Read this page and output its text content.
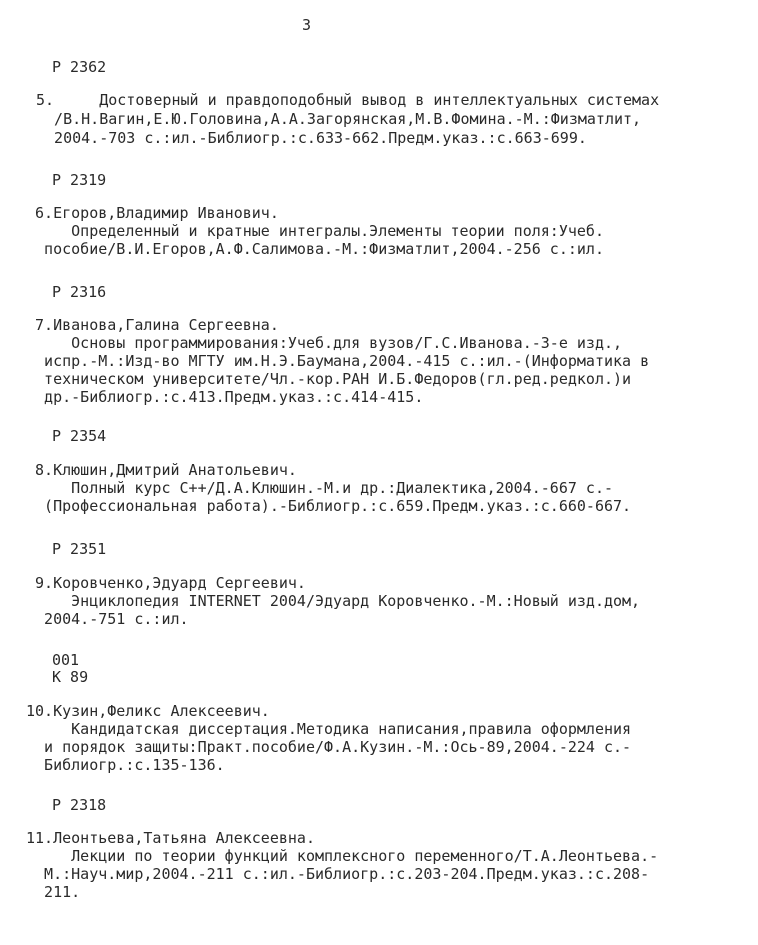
3
Р 2362
5.     Достоверный и правдоподобный вывод в интеллектуальных системах
/В.Н.Вагин,Е.Ю.Головина,А.А.Загорянская,М.В.Фомина.-М.:Физматлит,
2004.-703 с.:ил.-Библиогр.:с.633-662.Предм.указ.:с.663-699.
Р 2319
6.Егоров,Владимир Иванович.
Определенный и кратные интегралы.Элементы теории поля:Учеб.
пособие/В.И.Егоров,А.Ф.Салимова.-М.:Физматлит,2004.-256 с.:ил.
Р 2316
7.Иванова,Галина Сергеевна.
Основы программирования:Учеб.для вузов/Г.С.Иванова.-3-е изд.,
испр.-М.:Изд-во МГТУ им.Н.Э.Баумана,2004.-415 с.:ил.-(Информатика в
техническом университете/Чл.-кор.РАН И.Б.Федоров(гл.ред.редкол.)и
др.-Библиогр.:с.413.Предм.указ.:с.414-415.
Р 2354
8.Клюшин,Дмитрий Анатольевич.
Полный курс С++/Д.А.Клюшин.-М.и др.:Диалектика,2004.-667 с.-
(Профессиональная работа).-Библиогр.:с.659.Предм.указ.:с.660-667.
Р 2351
9.Коровченко,Эдуард Сергеевич.
Энциклопедия INTERNET 2004/Эдуард Коровченко.-М.:Новый изд.дом,
2004.-751 с.:ил.
001
К 89
10.Кузин,Феликс Алексеевич.
Кандидатская диссертация.Методика написания,правила оформления
и порядок защиты:Практ.пособие/Ф.А.Кузин.-М.:Ось-89,2004.-224 с.-
Библиогр.:с.135-136.
Р 2318
11.Леонтьева,Татьяна Алексеевна.
Лекции по теории функций комплексного переменного/Т.А.Леонтьева.-
М.:Науч.мир,2004.-211 с.:ил.-Библиогр.:с.203-204.Предм.указ.:с.208-
211.
